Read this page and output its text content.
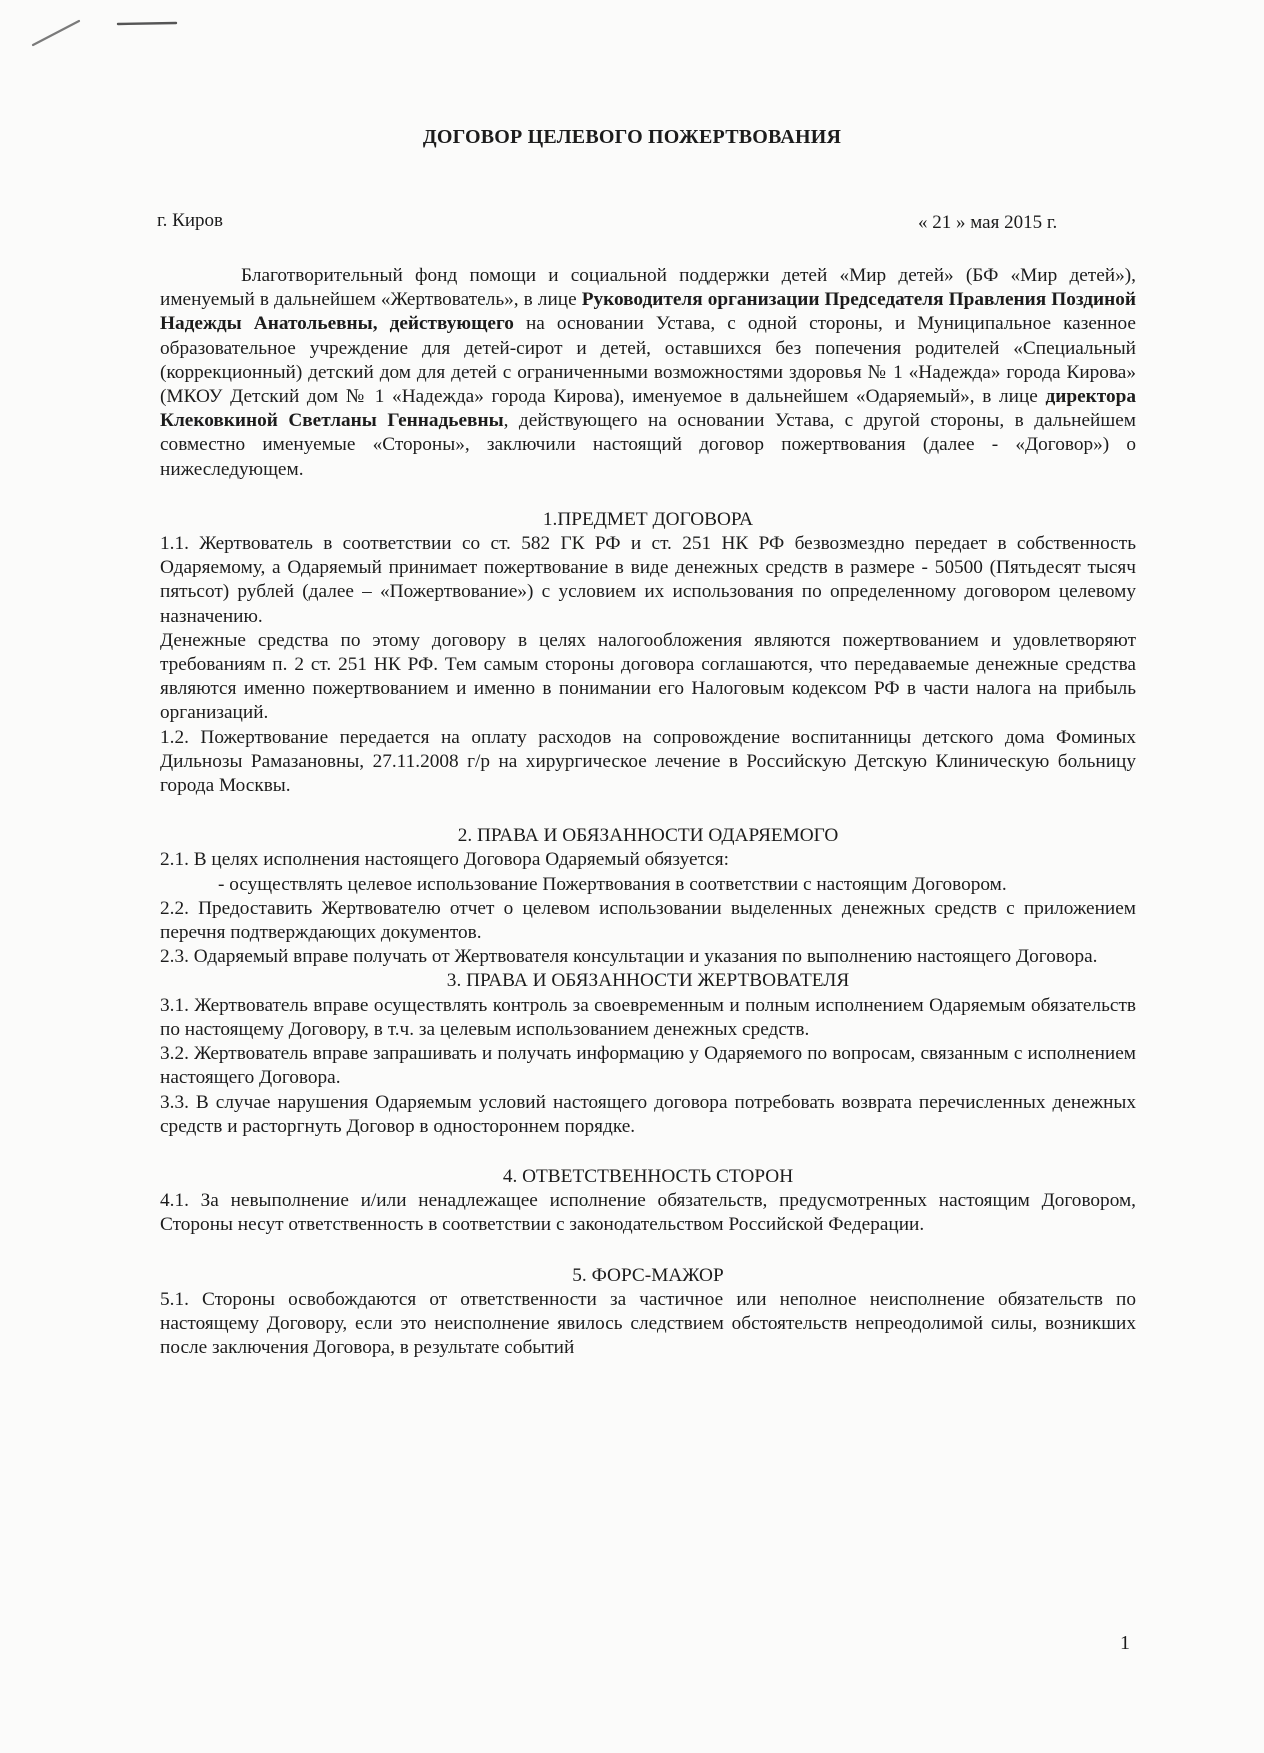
ДОГОВОР ЦЕЛЕВОГО ПОЖЕРТВОВАНИЯ
г. Киров	« 21 » мая 2015 г.

Благотворительный фонд помощи и социальной поддержки детей «Мир детей» (БФ «Мир детей»), именуемый в дальнейшем «Жертвователь», в лице Руководителя организации Председателя Правления Поздиной Надежды Анатольевны, действующего на основании Устава, с одной стороны, и Муниципальное казенное образовательное учреждение для детей-сирот и детей, оставшихся без попечения родителей «Специальный (коррекционный) детский дом для детей с ограниченными возможностями здоровья № 1 «Надежда» города Кирова» (МКОУ Детский дом № 1 «Надежда» города Кирова), именуемое в дальнейшем «Одаряемый», в лице директора Клековкиной Светланы Геннадьевны, действующего на основании Устава, с другой стороны, в дальнейшем совместно именуемые «Стороны», заключили настоящий договор пожертвования (далее - «Договор») о нижеследующем.

1.ПРЕДМЕТ ДОГОВОРА

1.1. Жертвователь в соответствии со ст. 582 ГК РФ и ст. 251 НК РФ безвозмездно передает в собственность Одаряемому, а Одаряемый принимает пожертвование в виде денежных средств в размере - 50500 (Пятьдесят тысяч пятьсот) рублей (далее – «Пожертвование») с условием их использования по определенному договором целевому назначению.

Денежные средства по этому договору в целях налогообложения являются пожертвованием и удовлетворяют требованиям п. 2 ст. 251 НК РФ. Тем самым стороны договора соглашаются, что передаваемые денежные средства являются именно пожертвованием и именно в понимании его Налоговым кодексом РФ в части налога на прибыль организаций.

1.2. Пожертвование передается на оплату расходов на сопровождение воспитанницы детского дома Фоминых Дильнозы Рамазановны, 27.11.2008 г/р на хирургическое лечение в Российскую Детскую Клиническую больницу города Москвы.

2. ПРАВА И ОБЯЗАННОСТИ ОДАРЯЕМОГО

2.1. В целях исполнения настоящего Договора Одаряемый обязуется:

- осуществлять целевое использование Пожертвования в соответствии с настоящим Договором.

2.2. Предоставить Жертвователю отчет о целевом использовании выделенных денежных средств с приложением перечня подтверждающих документов.

2.3. Одаряемый вправе получать от Жертвователя консультации и указания по выполнению настоящего Договора.

3. ПРАВА И ОБЯЗАННОСТИ ЖЕРТВОВАТЕЛЯ

3.1. Жертвователь вправе осуществлять контроль за своевременным и полным исполнением Одаряемым обязательств по настоящему Договору, в т.ч. за целевым использованием денежных средств.

3.2. Жертвователь вправе запрашивать и получать информацию у Одаряемого по вопросам, связанным с исполнением настоящего Договора.

3.3. В случае нарушения Одаряемым условий настоящего договора потребовать возврата перечисленных денежных средств и расторгнуть Договор в одностороннем порядке.

4. ОТВЕТСТВЕННОСТЬ СТОРОН

4.1. За невыполнение и/или ненадлежащее исполнение обязательств, предусмотренных настоящим Договором, Стороны несут ответственность в соответствии с законодательством Российской Федерации.

5. ФОРС-МАЖОР

5.1. Стороны освобождаются от ответственности за частичное или неполное неисполнение обязательств по настоящему Договору, если это неисполнение явилось следствием обстоятельств непреодолимой силы, возникших после заключения Договора, в результате событий

1
